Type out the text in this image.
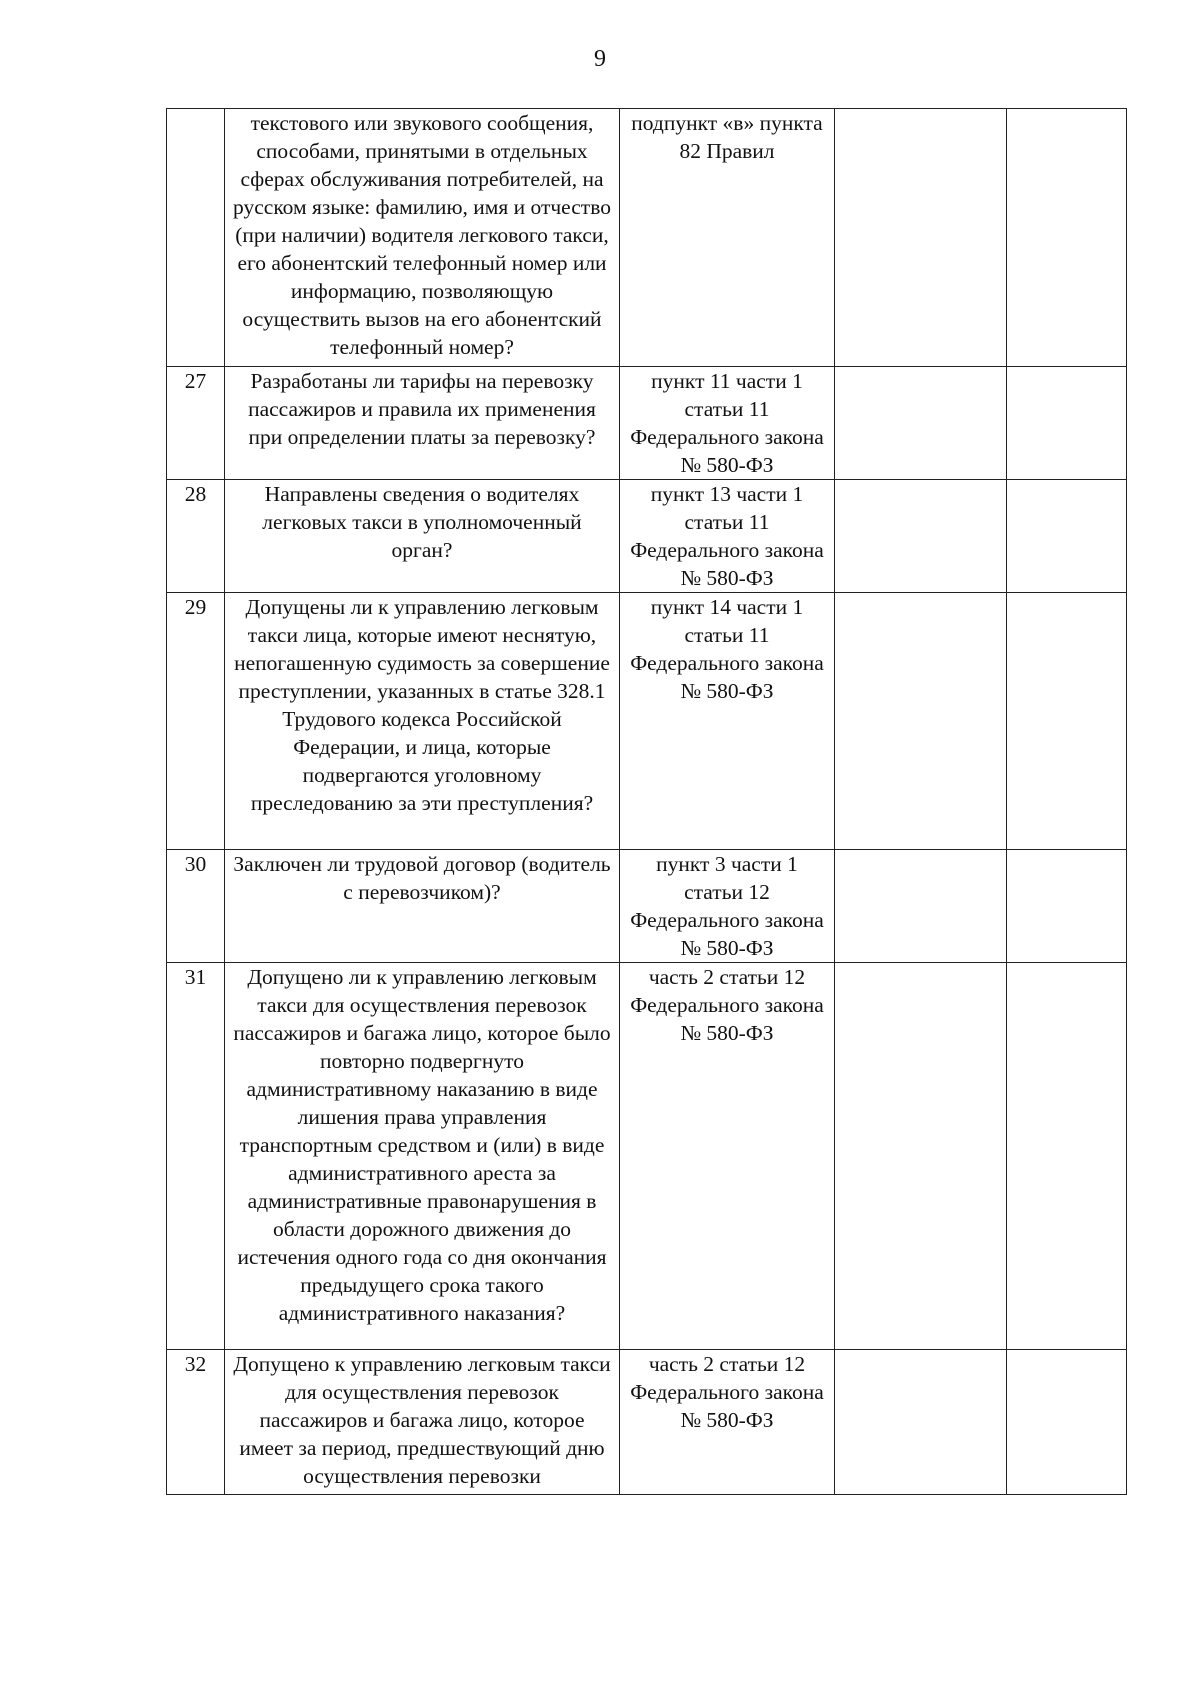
9
	текстового или звукового сообщения, способами, принятыми в отдельных сферах обслуживания потребителей, на русском языке: фамилию, имя и отчество (при наличии) водителя легкового такси, его абонентский телефонный номер или информацию, позволяющую осуществить вызов на его абонентский телефонный номер?	подпункт «в» пункта 82 Правил		
27	Разработаны ли тарифы на перевозку пассажиров и правила их применения при определении платы за перевозку?	пункт 11 части 1 статьи 11 Федерального закона № 580-ФЗ		
28	Направлены сведения о водителях легковых такси в уполномоченный орган?	пункт 13 части 1 статьи 11 Федерального закона № 580-ФЗ		
29	Допущены ли к управлению легковым такси лица, которые имеют неснятую, непогашенную судимость за совершение преступлении, указанных в статье 328.1 Трудового кодекса Российской Федерации, и лица, которые подвергаются уголовному преследованию за эти преступления?	пункт 14 части 1 статьи 11 Федерального закона № 580-ФЗ		
30	Заключен ли трудовой договор (водитель с перевозчиком)?	пункт 3 части 1 статьи 12 Федерального закона № 580-ФЗ		
31	Допущено ли к управлению легковым такси для осуществления перевозок пассажиров и багажа лицо, которое было повторно подвергнуто административному наказанию в виде лишения права управления транспортным средством и (или) в виде административного ареста за административные правонарушения в области дорожного движения до истечения одного года со дня окончания предыдущего срока такого административного наказания?	часть 2 статьи 12 Федерального закона № 580-ФЗ		
32	Допущено к управлению легковым такси для осуществления перевозок пассажиров и багажа лицо, которое имеет за период, предшествующий дню осуществления перевозки	часть 2 статьи 12 Федерального закона № 580-ФЗ		
